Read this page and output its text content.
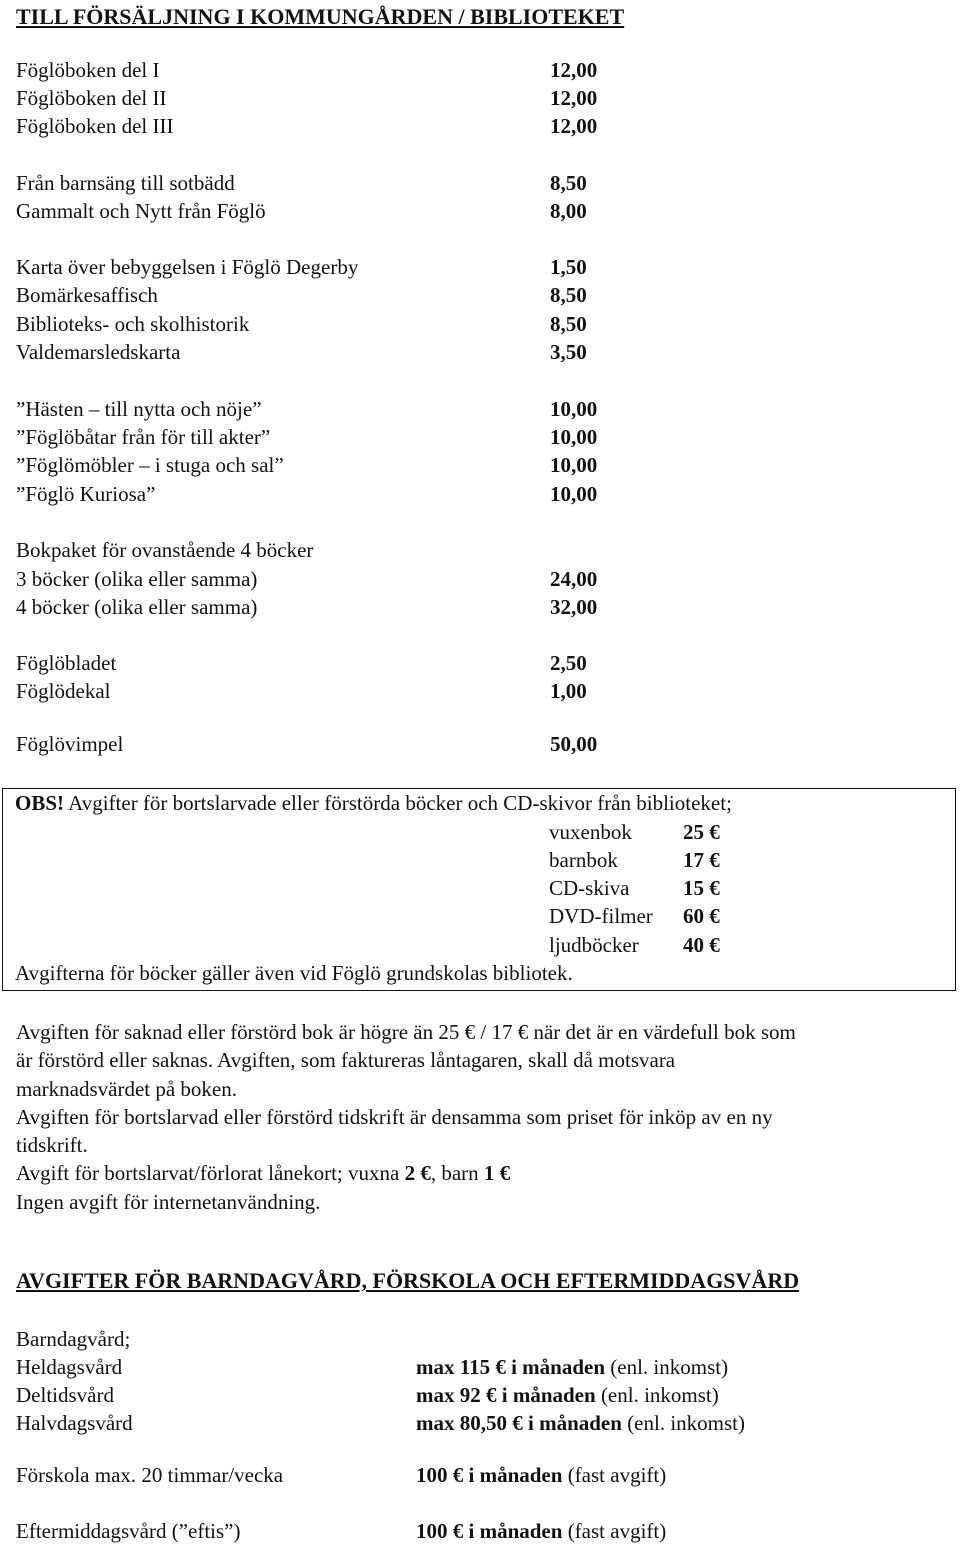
TILL FÖRSÄLJNING I KOMMUNGÅRDEN / BIBLIOTEKET
Föglöboken del I	12,00
Föglöboken del II	12,00
Föglöboken del III	12,00
Från barnsäng till sotbädd	8,50
Gammalt och Nytt från Föglö	8,00
Karta över bebyggelsen i Föglö Degerby	1,50
Bomärkesaffisch	8,50
Biblioteks- och skolhistorik	8,50
Valdemarsledskarta	3,50
”Hästen – till nytta och nöje”	10,00
”Föglöbåtar från för till akter”	10,00
”Föglömöbler – i stuga och sal”	10,00
”Föglö Kuriosa”	10,00
Bokpaket för ovanstående 4 böcker
3 böcker (olika eller samma)	24,00
4 böcker (olika eller samma)	32,00
Föglöbladet	2,50
Föglödekal	1,00
Föglövimpel	50,00
OBS! Avgifter för bortslarvade eller förstörda böcker och CD-skivor från biblioteket;
vuxenbok 25 €
barnbok	17 €
CD-skiva	15 €
DVD-filmer 60 €
ljudböcker 40 €
Avgifterna för böcker gäller även vid Föglö grundskolas bibliotek.
Avgiften för saknad eller förstörd bok är högre än 25 € / 17 € när det är en värdefull bok som
är förstörd eller saknas. Avgiften, som faktureras låntagaren, skall då motsvara
marknadsvärdet på boken.
Avgiften för bortslarvad eller förstörd tidskrift är densamma som priset för inköp av en ny
tidskrift.
Avgift för bortslarvat/förlorat lånekort; vuxna 2 €, barn 1 €
Ingen avgift för internetanvändning.
AVGIFTER FÖR BARNDAGVÅRD, FÖRSKOLA OCH EFTERMIDDAGSVÅRD
Barndagvård;
Heldagsvård	max 115 € i månaden (enl. inkomst)
Deltidsvård	max 92 € i månaden (enl. inkomst)
Halvdagsvård	max 80,50 € i månaden (enl. inkomst)
Förskola max. 20 timmar/vecka	100 € i månaden (fast avgift)
Eftermiddagsvård (”eftis”)	100 € i månaden (fast avgift)
